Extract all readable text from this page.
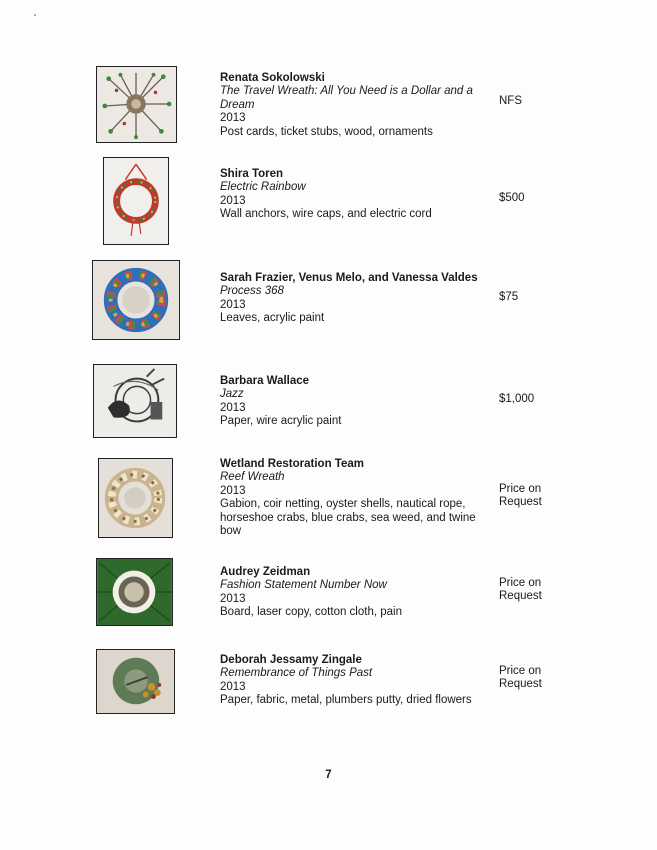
Renata Sokolowski
The Travel Wreath: All You Need is a Dollar and a Dream
2013
Post cards, ticket stubs, wood, ornaments
NFS
Shira Toren
Electric Rainbow
2013
Wall anchors, wire caps, and electric cord
$500
Sarah Frazier, Venus Melo, and Vanessa Valdes
Process 368
2013
Leaves, acrylic paint
$75
Barbara Wallace
Jazz
2013
Paper, wire acrylic paint
$1,000
Wetland Restoration Team
Reef Wreath
2013
Gabion, coir netting, oyster shells, nautical rope, horseshoe crabs, blue crabs, sea weed, and twine bow
Price on Request
Audrey Zeidman
Fashion Statement Number Now
2013
Board, laser copy, cotton cloth, pain
Price on Request
Deborah Jessamy Zingale
Remembrance of Things Past
2013
Paper, fabric, metal, plumbers putty, dried flowers
Price on Request
7
